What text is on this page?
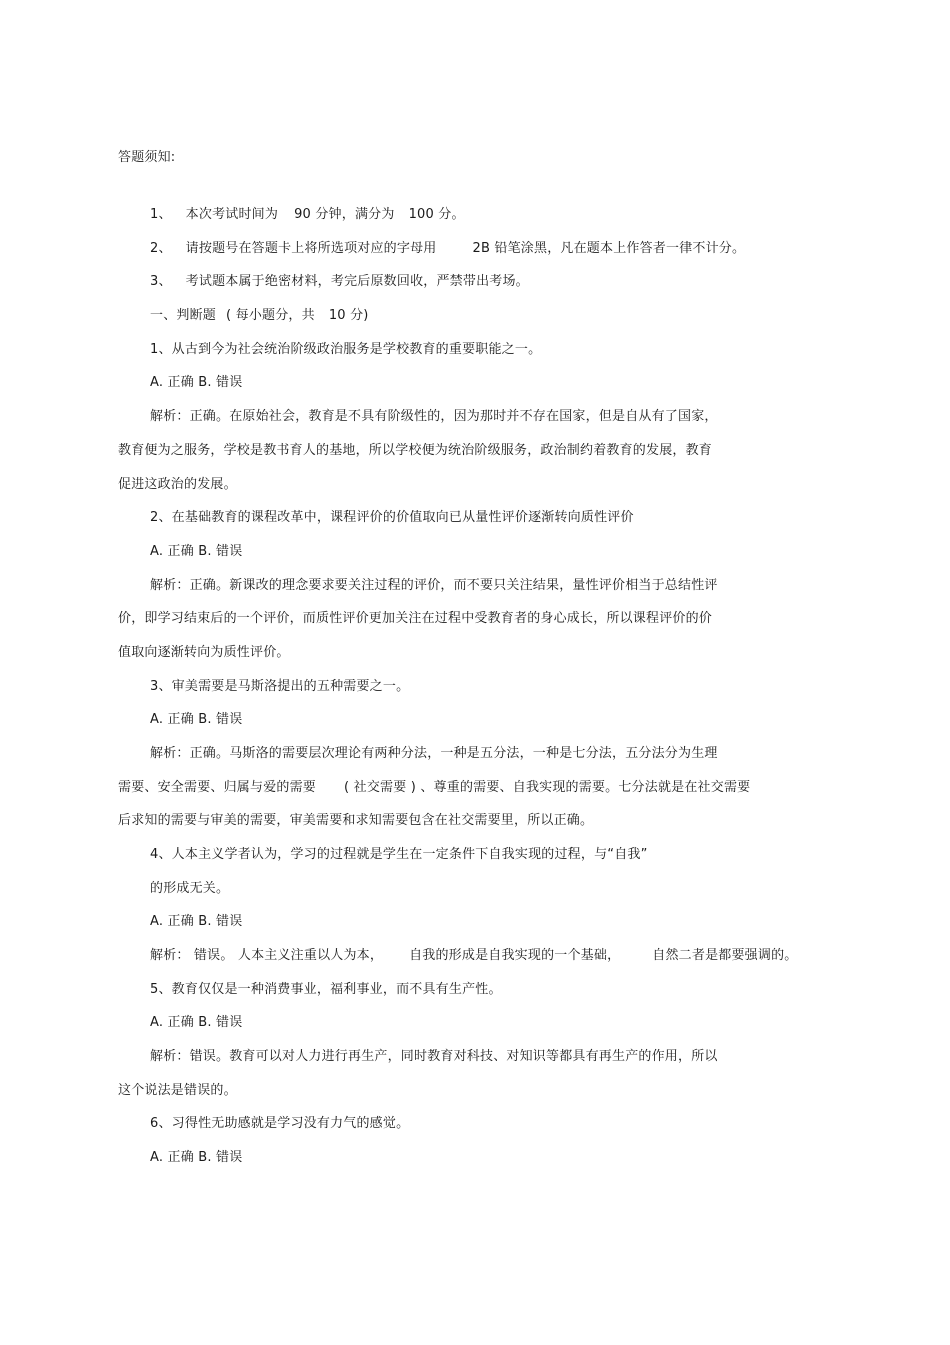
答题须知:
1、 本次考试时间为 90 分钟，满分为 100 分。
2、 请按题号在答题卡上将所选项对应的字母用	2B 铅笔涂黑，凡在题本上作答者一律不计分。
3、 考试题本属于绝密材料，考完后原数回收，严禁带出考场。
一、判断题 ( 每小题分，共 10 分)
1、从古到今为社会统治阶级政治服务是学校教育的重要职能之一。
A. 正确 B. 错误
解析：正确。在原始社会，教育是不具有阶级性的，因为那时并不存在国家，但是自从有了国家，
教育便为之服务，学校是教书育人的基地，所以学校便为统治阶级服务，政治制约着教育的发展，教育
促进这政治的发展。
2、在基础教育的课程改革中，课程评价的价值取向已从量性评价逐渐转向质性评价
A. 正确 B. 错误
解析：正确。新课改的理念要求要关注过程的评价，而不要只关注结果，量性评价相当于总结性评
价，即学习结束后的一个评价，而质性评价更加关注在过程中受教育者的身心成长，所以课程评价的价
值取向逐渐转向为质性评价。
3、审美需要是马斯洛提出的五种需要之一。
A. 正确 B. 错误
解析：正确。马斯洛的需要层次理论有两种分法，一种是五分法，一种是七分法，五分法分为生理
需要、安全需要、归属与爱的需要 ( 社交需要 ) 、尊重的需要、自我实现的需要。七分法就是在社交需要
后求知的需要与审美的需要，审美需要和求知需要包含在社交需要里，所以正确。
4、人本主义学者认为，学习的过程就是学生在一定条件下自我实现的过程，与“自我”
的形成无关。
A. 正确 B. 错误
解析： 错误。 人本主义注重以人为本， 自我的形成是自我实现的一个基础， 自然二者是都要强调的。
5、教育仅仅是一种消费事业，福利事业，而不具有生产性。
A. 正确 B. 错误
解析：错误。教育可以对人力进行再生产，同时教育对科技、对知识等都具有再生产的作用，所以
这个说法是错误的。
6、习得性无助感就是学习没有力气的感觉。
A. 正确 B. 错误
